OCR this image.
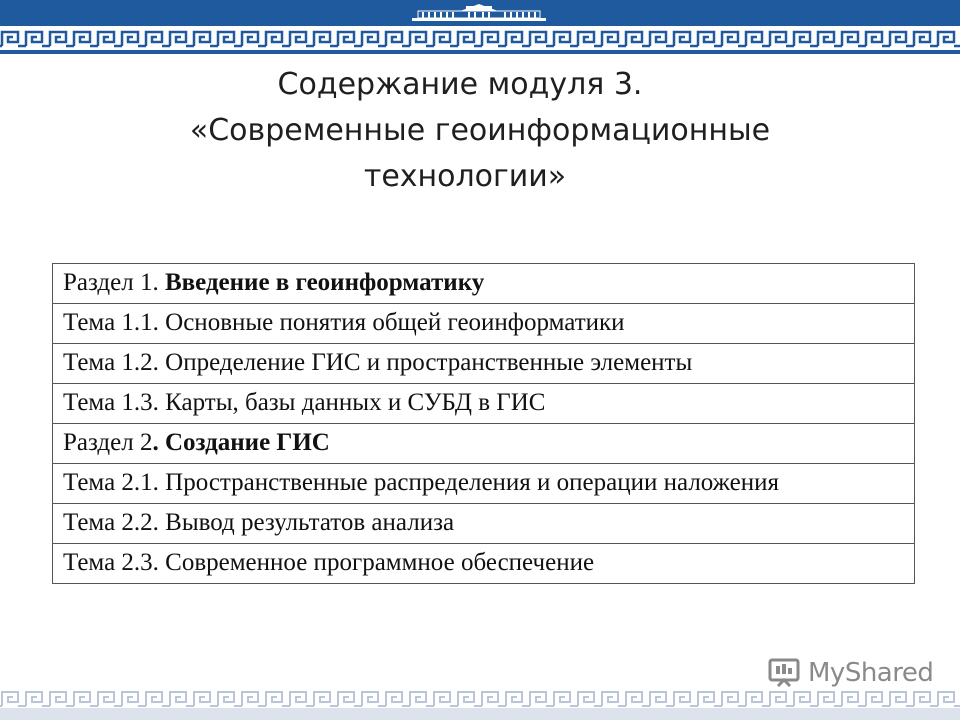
Содержание модуля 3.
«Современные геоинформационные
технологии»
Раздел 1. Введение в геоинформатику
Тема 1.1. Основные понятия общей геоинформатики
Тема 1.2. Определение ГИС и пространственные элементы
Тема 1.3. Карты, базы данных и СУБД в ГИС
Раздел 2. Создание ГИС
Тема 2.1. Пространственные распределения и операции наложения
Тема 2.2. Вывод результатов анализа
Тема 2.3. Современное программное обеспечение
MyShared
